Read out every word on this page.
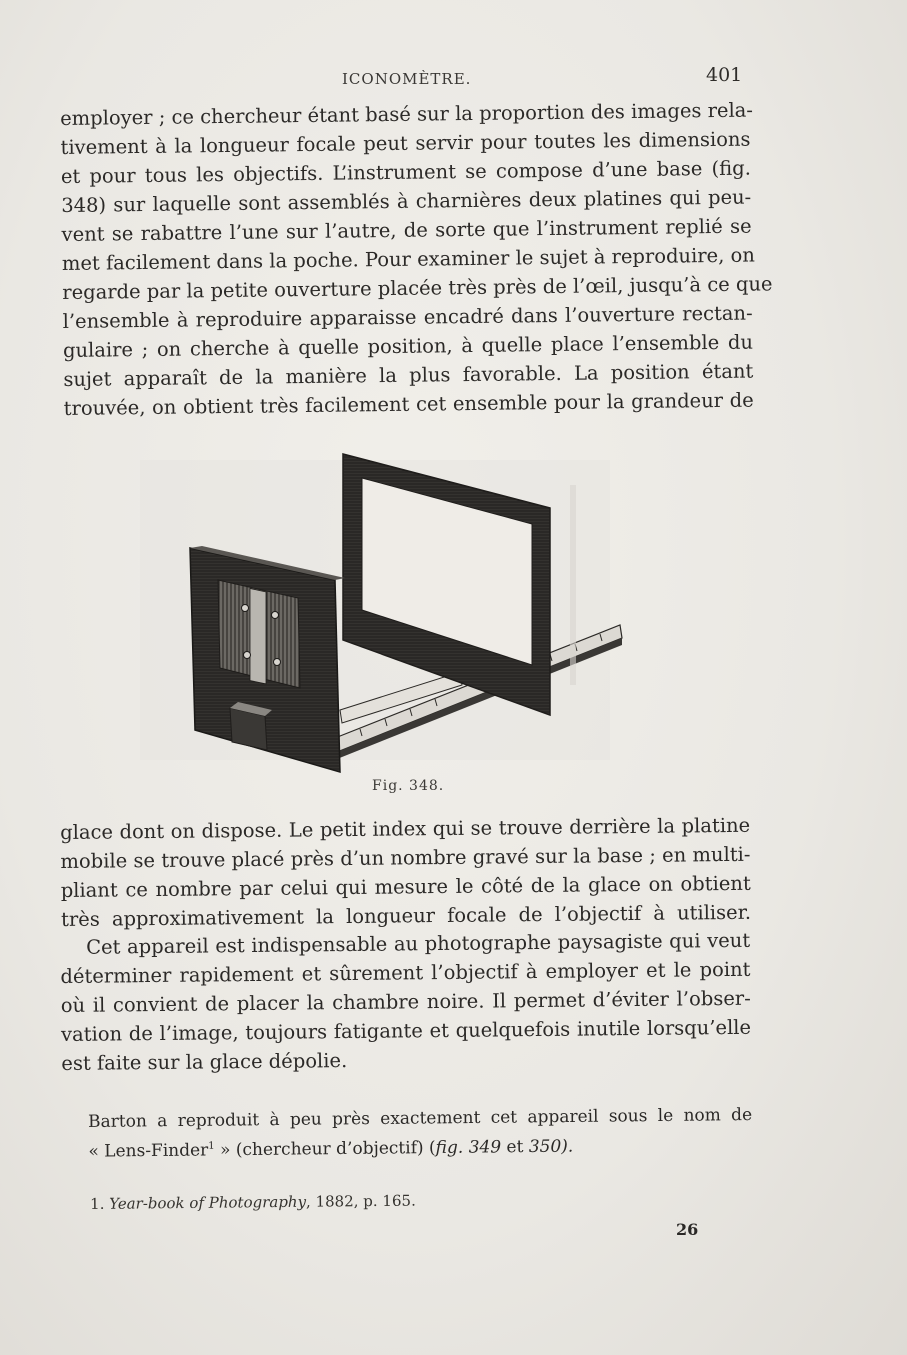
ICONOMÈTRE.	401
employer ; ce chercheur étant basé sur la proportion des images rela-
tivement à la longueur focale peut servir pour toutes les dimensions
et pour tous les objectifs. L’instrument se compose d’une base (fig.
348) sur laquelle sont assemblés à charnières deux platines qui peu-
vent se rabattre l’une sur l’autre, de sorte que l’instrument replié se
met facilement dans la poche. Pour examiner le sujet à reproduire, on
regarde par la petite ouverture placée très près de l’œil, jusqu’à ce que
l’ensemble à reproduire apparaisse encadré dans l’ouverture rectan-
gulaire ; on cherche à quelle position, à quelle place l’ensemble du
sujet apparaît de la manière la plus favorable. La position étant
trouvée, on obtient très facilement cet ensemble pour la grandeur de
Fig. 348.
glace dont on dispose. Le petit index qui se trouve derrière la platine
mobile se trouve placé près d’un nombre gravé sur la base ; en multi-
pliant ce nombre par celui qui mesure le côté de la glace on obtient
très approximativement la longueur focale de l’objectif à utiliser.
Cet appareil est indispensable au photographe paysagiste qui veut
déterminer rapidement et sûrement l’objectif à employer et le point
où il convient de placer la chambre noire. Il permet d’éviter l’obser-
vation de l’image, toujours fatigante et quelquefois inutile lorsqu’elle
est faite sur la glace dépolie.
Barton a reproduit à peu près exactement cet appareil sous le nom de
« Lens-Finder$^1$ » (chercheur d’objectif) (fig. 349 et 350).
1. Year-book of Photography, 1882, p. 165.
26
